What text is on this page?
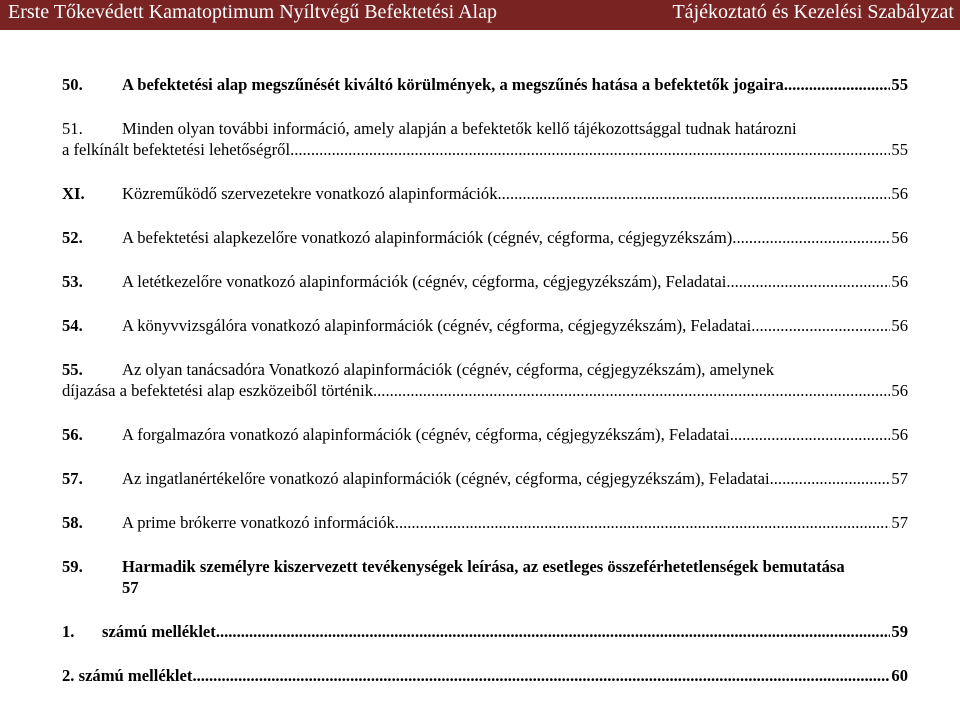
Erste Tőkevédett Kamatoptimum Nyíltvégű Befektetési Alap	Tájékoztató és Kezelési Szabályzat
50. A befektetési alap megszűnését kiváltó körülmények, a megszűnés hatása a befektetők jogaira .....	55
51. Minden olyan további információ, amely alapján a befektetők kellő tájékozottsággal tudnak határozni
a felkínált befektetési lehetőségről .....	55
XI. Közreműködő szervezetekre vonatkozó alapinformációk .....	56
52. A befektetési alapkezelőre vonatkozó alapinformációk (cégnév, cégforma, cégjegyzékszám) .....	56
53. A letétkezelőre vonatkozó alapinformációk (cégnév, cégforma, cégjegyzékszám), Feladatai .....	56
54. A könyvvizsgálóra vonatkozó alapinformációk (cégnév, cégforma, cégjegyzékszám), Feladatai .....	56
55. Az olyan tanácsadóra Vonatkozó alapinformációk (cégnév, cégforma, cégjegyzékszám), amelynek
díjazása a befektetési alap eszközeiből történik .....	56
56. A forgalmazóra vonatkozó alapinformációk (cégnév, cégforma, cégjegyzékszám), Feladatai .....	56
57. Az ingatlanértékelőre vonatkozó alapinformációk (cégnév, cégforma, cégjegyzékszám), Feladatai .....	57
58. A prime brókerre vonatkozó információk .....	57
59. Harmadik személyre kiszervezett tevékenységek leírása, az esetleges összeférhetetlenségek bemutatása
57
1. számú melléklet .....	59
2. számú melléklet .....	60
